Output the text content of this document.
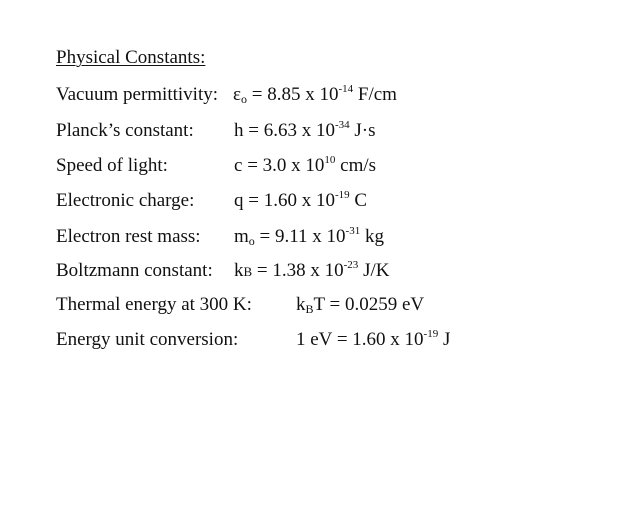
Physical Constants:
Vacuum permittivity: $\varepsilon_o = 8.85$ x $10^{-14}$ F/cm
Planck’s constant: h = 6.63 x $10^{-34}$ J·s
Speed of light:	c = 3.0 x $10^{10}$ cm/s
Electronic charge: q = 1.60 x $10^{-19}$ C
Electron rest mass: $m_o = 9.11$ x $10^{-31}$ kg
Boltzmann constant: kB = 1.38 x $10^{-23}$ J/K
Thermal energy at 300 K: $k_BT = 0.0259$ eV
Energy unit conversion:	1 eV = 1.60 x $10^{-19}$ J
